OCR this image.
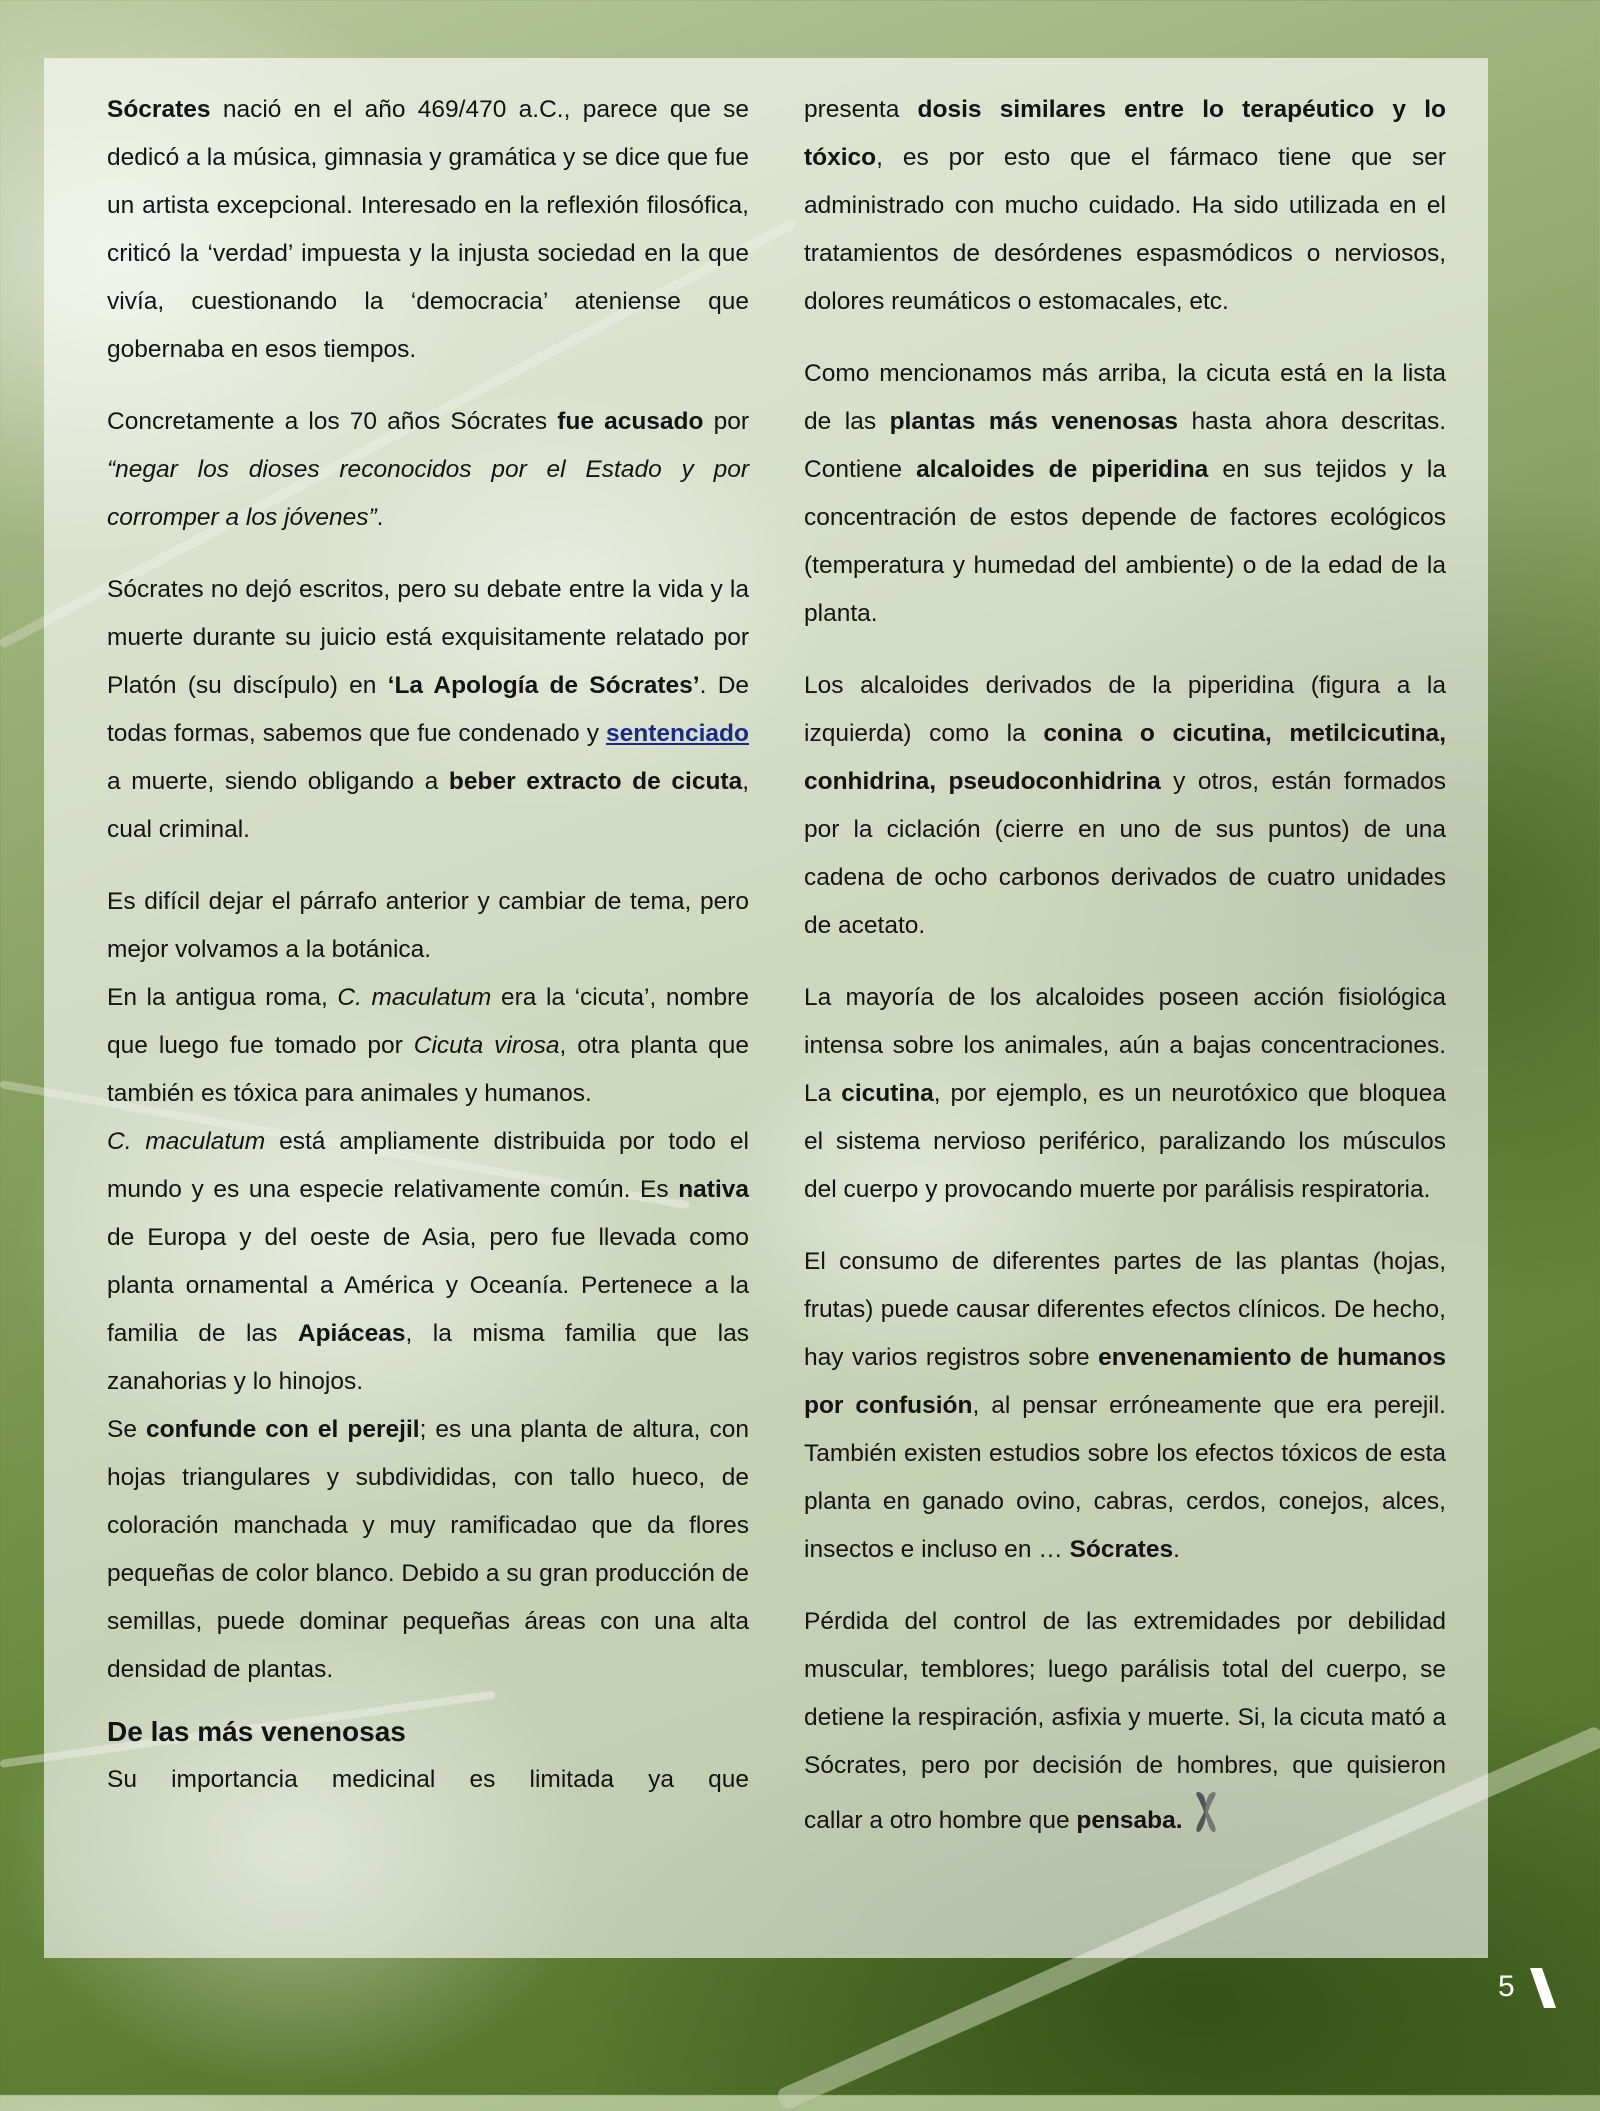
Sócrates nació en el año 469/470 a.C., parece que se dedicó a la música, gimnasia y gramática y se dice que fue un artista excepcional. Interesado en la reflexión filosófica, criticó la ‘verdad’ impuesta y la injusta sociedad en la que vivía, cuestionando la ‘democracia’ ateniense que gobernaba en esos tiempos.

Concretamente a los 70 años Sócrates fue acusado por “negar los dioses reconocidos por el Estado y por corromper a los jóvenes”.

Sócrates no dejó escritos, pero su debate entre la vida y la muerte durante su juicio está exquisitamente relatado por Platón (su discípulo) en ‘La Apología de Sócrates’. De todas formas, sabemos que fue condenado y sentenciado a muerte, siendo obligando a beber extracto de cicuta, cual criminal.

Es difícil dejar el párrafo anterior y cambiar de tema, pero mejor volvamos a la botánica.

En la antigua roma, C. maculatum era la ‘cicuta’, nombre que luego fue tomado por Cicuta virosa, otra planta que también es tóxica para animales y humanos.

C. maculatum está ampliamente distribuida por todo el mundo y es una especie relativamente común. Es nativa de Europa y del oeste de Asia, pero fue llevada como planta ornamental a América y Oceanía. Pertenece a la familia de las Apiáceas, la misma familia que las zanahorias y lo hinojos.

Se confunde con el perejil; es una planta de altura, con hojas triangulares y subdivididas, con tallo hueco, de coloración manchada y muy ramificadao que da flores pequeñas de color blanco. Debido a su gran producción de semillas, puede dominar pequeñas áreas con una alta densidad de plantas.

De las más venenosas

Su importancia medicinal es limitada ya que

presenta dosis similares entre lo terapéutico y lo tóxico, es por esto que el fármaco tiene que ser administrado con mucho cuidado. Ha sido utilizada en el tratamientos de desórdenes espasmódicos o nerviosos, dolores reumáticos o estomacales, etc.

Como mencionamos más arriba, la cicuta está en la lista de las plantas más venenosas hasta ahora descritas. Contiene alcaloides de piperidina en sus tejidos y la concentración de estos depende de factores ecológicos (temperatura y humedad del ambiente) o de la edad de la planta.

Los alcaloides derivados de la piperidina (figura a la izquierda) como la conina o cicutina, metilcicutina, conhidrina, pseudoconhidrina y otros, están formados por la ciclación (cierre en uno de sus puntos) de una cadena de ocho carbonos derivados de cuatro unidades de acetato.

La mayoría de los alcaloides poseen acción fisiológica intensa sobre los animales, aún a bajas concentraciones. La cicutina, por ejemplo, es un neurotóxico que bloquea el sistema nervioso periférico, paralizando los músculos del cuerpo y provocando muerte por parálisis respiratoria.

El consumo de diferentes partes de las plantas (hojas, frutas) puede causar diferentes efectos clínicos. De hecho, hay varios registros sobre envenenamiento de humanos por confusión, al pensar erróneamente que era perejil. También existen estudios sobre los efectos tóxicos de esta planta en ganado ovino, cabras, cerdos, conejos, alces, insectos e incluso en … Sócrates.

Pérdida del control de las extremidades por debilidad muscular, temblores; luego parálisis total del cuerpo, se detiene la respiración, asfixia y muerte. Si, la cicuta mató a Sócrates, pero por decisión de hombres, que quisieron callar a otro hombre que pensaba.

5
